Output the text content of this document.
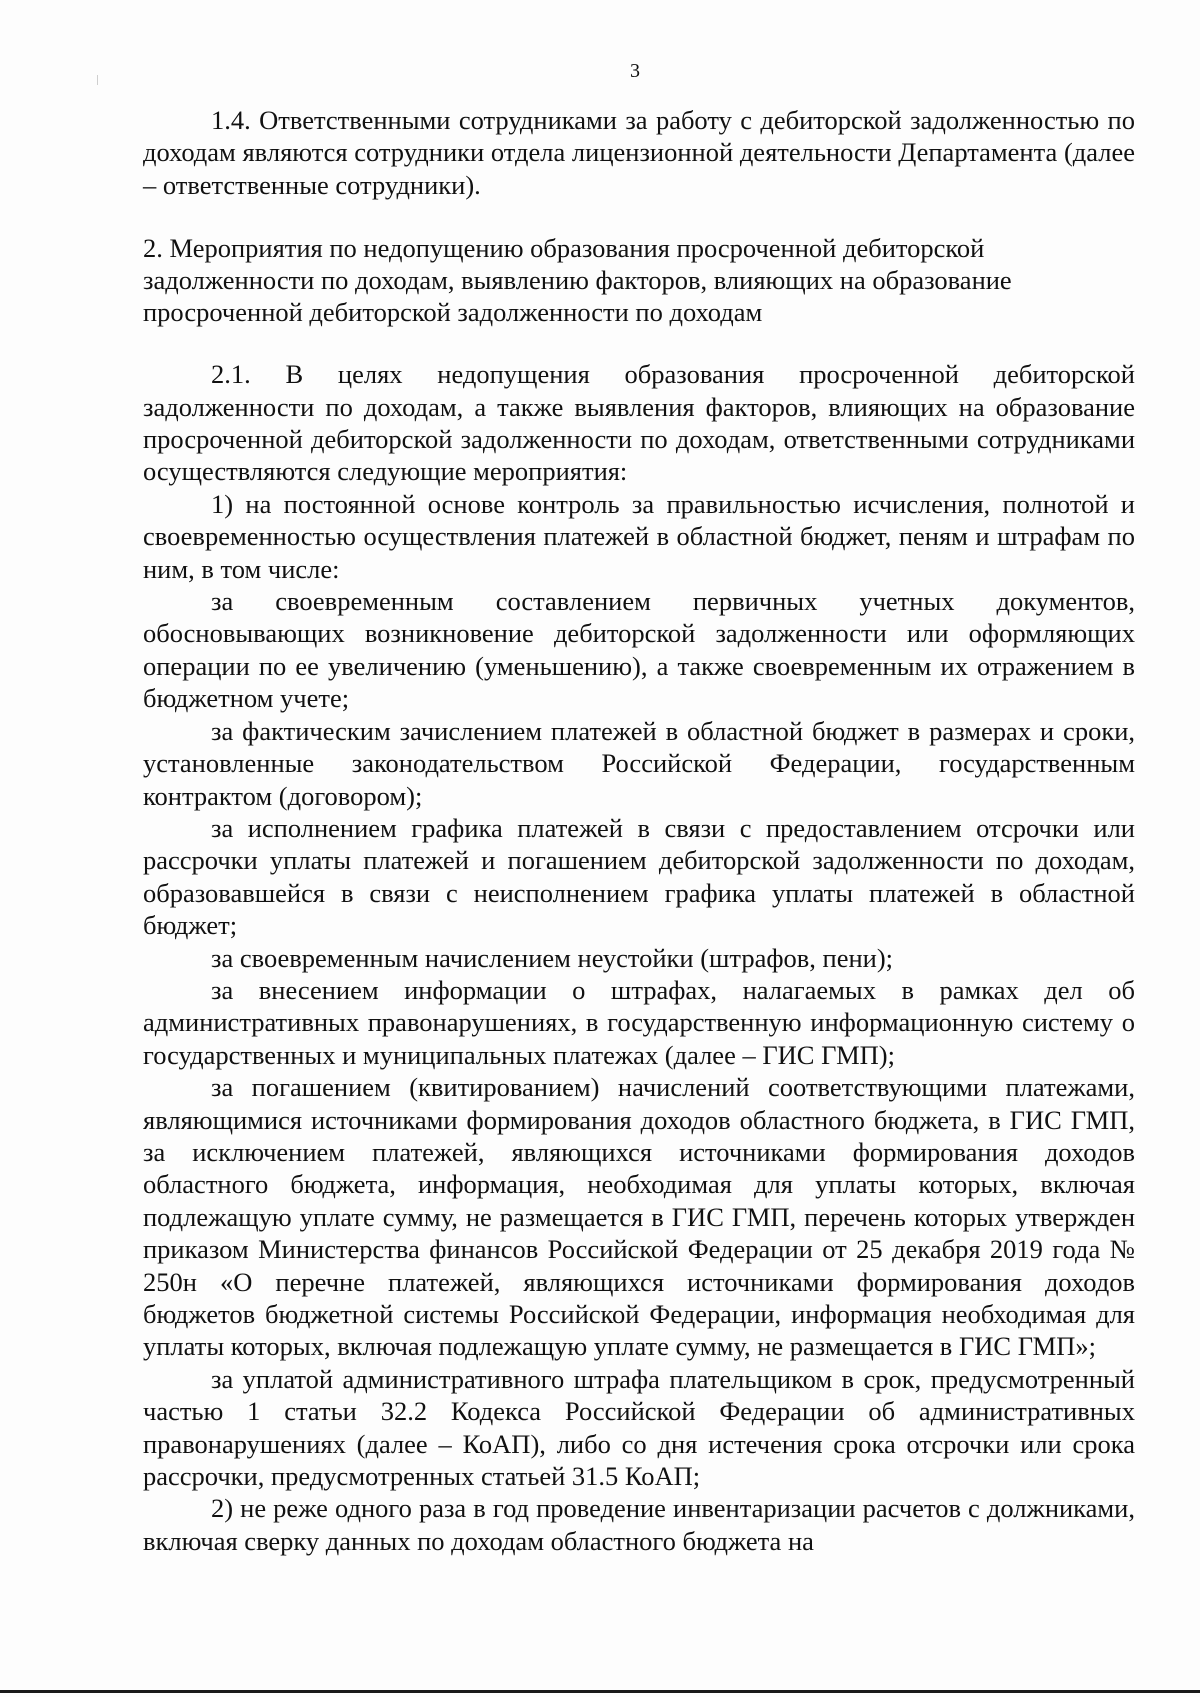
3

1.4. Ответственными сотрудниками за работу с дебиторской задолженностью по доходам являются сотрудники отдела лицензионной деятельности Департамента (далее – ответственные сотрудники).

2. Мероприятия по недопущению образования просроченной дебиторской

задолженности по доходам, выявлению факторов, влияющих на образование

просроченной дебиторской задолженности по доходам

2.1. В целях недопущения образования просроченной дебиторской задолженности по доходам, а также выявления факторов, влияющих на образование просроченной дебиторской задолженности по доходам, ответственными сотрудниками осуществляются следующие мероприятия:

1) на постоянной основе контроль за правильностью исчисления, полнотой и своевременностью осуществления платежей в областной бюджет, пеням и штрафам по ним, в том числе:

за своевременным составлением первичных учетных документов, обосновывающих возникновение дебиторской задолженности или оформляющих операции по ее увеличению (уменьшению), а также своевременным их отражением в бюджетном учете;

за фактическим зачислением платежей в областной бюджет в размерах и сроки, установленные законодательством Российской Федерации, государственным контрактом (договором);

за исполнением графика платежей в связи с предоставлением отсрочки или рассрочки уплаты платежей и погашением дебиторской задолженности по доходам, образовавшейся в связи с неисполнением графика уплаты платежей в областной бюджет;

за своевременным начислением неустойки (штрафов, пени);

за внесением информации о штрафах, налагаемых в рамках дел об административных правонарушениях, в государственную информационную систему о государственных и муниципальных платежах (далее – ГИС ГМП);

за погашением (квитированием) начислений соответствующими платежами, являющимися источниками формирования доходов областного бюджета, в ГИС ГМП, за исключением платежей, являющихся источниками формирования доходов областного бюджета, информация, необходимая для уплаты которых, включая подлежащую уплате сумму, не размещается в ГИС ГМП, перечень которых утвержден приказом Министерства финансов Российской Федерации от 25 декабря 2019 года № 250н «О перечне платежей, являющихся источниками формирования доходов бюджетов бюджетной системы Российской Федерации, информация необходимая для уплаты которых, включая подлежащую уплате сумму, не размещается в ГИС ГМП»;

за уплатой административного штрафа плательщиком в срок, предусмотренный частью 1 статьи 32.2 Кодекса Российской Федерации об административных правонарушениях (далее – КоАП), либо со дня истечения срока отсрочки или срока рассрочки, предусмотренных статьей 31.5 КоАП;

2) не реже одного раза в год проведение инвентаризации расчетов с должниками, включая сверку данных по доходам областного бюджета на
